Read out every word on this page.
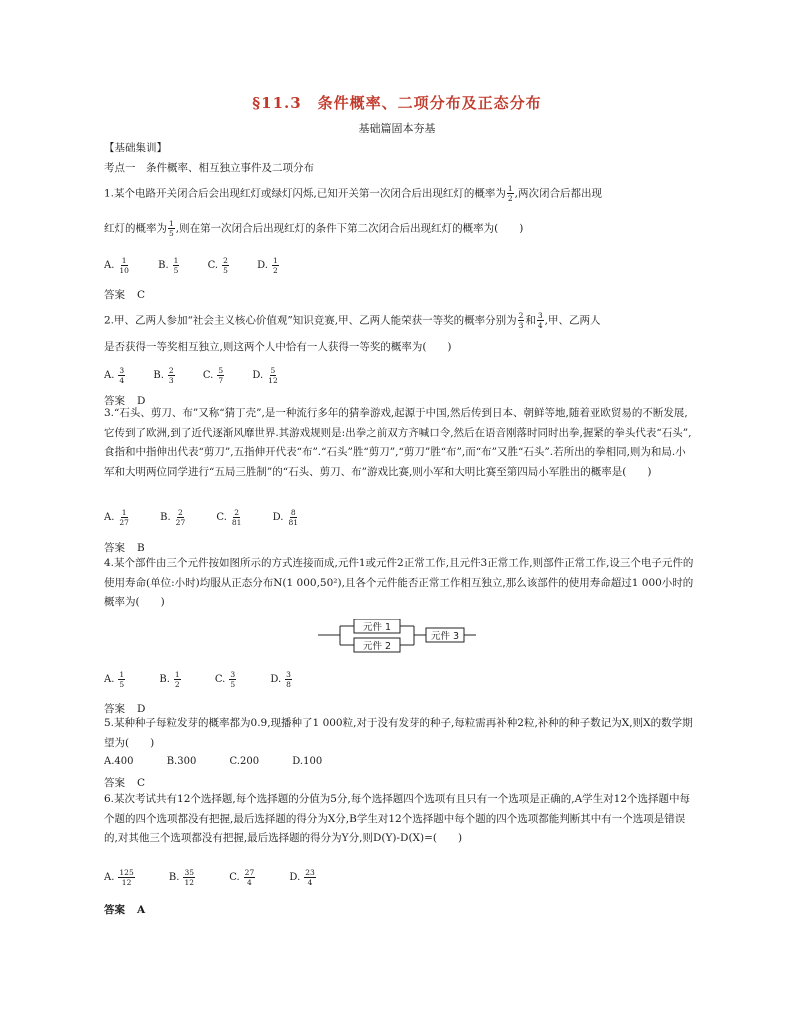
§11.3　条件概率、二项分布及正态分布
基础篇固本夯基
【基础集训】
考点一　条件概率、相互独立事件及二项分布
1.某个电路开关闭合后会出现红灯或绿灯闪烁,已知开关第一次闭合后出现红灯的概率为 $\frac{1}{2}$ ,两次闭合后都出现
红灯的概率为 $\frac{1}{5}$ ,则在第一次闭合后出现红灯的条件下第二次闭合后出现红灯的概率为(　　)
A. $\frac{1}{10}$	B. $\frac{1}{5}$	C. $\frac{2}{5}$	D. $\frac{1}{2}$
答案 C
2.甲、乙两人参加“社会主义核心价值观”知识竞赛,甲、乙两人能荣获一等奖的概率分别为 $\frac{2}{3}$ 和 $\frac{3}{4}$ ,甲、乙两人
是否获得一等奖相互独立,则这两个人中恰有一人获得一等奖的概率为(　　)
A. $\frac{3}{4}$	B. $\frac{2}{3}$	C. $\frac{5}{7}$	D. $\frac{5}{12}$
答案 D
3.“石头、剪刀、布”又称“猜丁壳”,是一种流行多年的猜拳游戏,起源于中国,然后传到日本、朝鲜等地,随着亚欧贸易的不断发展,它传到了欧洲,到了近代逐渐风靡世界.其游戏规则是:出拳之前双方齐喊口令,然后在语音刚落时同时出拳,握紧的拳头代表“石头”,食指和中指伸出代表“剪刀”,五指伸开代表“布”.“石头”胜“剪刀”,“剪刀”胜“布”,而“布”又胜“石头”.若所出的拳相同,则为和局.小军和大明两位同学进行“五局三胜制”的“石头、剪刀、布”游戏比赛,则小军和大明比赛至第四局小军胜出的概率是(　　)
A. $\frac{1}{27}$	B. $\frac{2}{27}$	C. $\frac{2}{81}$	D. $\frac{8}{81}$
答案 B
4.某个部件由三个元件按如图所示的方式连接而成,元件1或元件2正常工作,且元件3正常工作,则部件正常工作,设三个电子元件的使用寿命(单位:小时)均服从正态分布N(1 000,50²),且各个元件能否正常工作相互独立,那么该部件的使用寿命超过1 000小时的概率为(　　)
元件 1
元件 2
元件 3
A. $\frac{1}{5}$	B. $\frac{1}{2}$	C. $\frac{3}{5}$	D. $\frac{3}{8}$
答案 D
5.某种种子每粒发芽的概率都为0.9,现播种了1 000粒,对于没有发芽的种子,每粒需再补种2粒,补种的种子数记为X,则X的数学期望为(　　)
A.400	B.300	C.200	D.100
答案 C
6.某次考试共有12个选择题,每个选择题的分值为5分,每个选择题四个选项有且只有一个选项是正确的,A学生对12个选择题中每个题的四个选项都没有把握,最后选择题的得分为X分,B学生对12个选择题中每个题的四个选项都能判断其中有一个选项是错误的,对其他三个选项都没有把握,最后选择题的得分为Y分,则D(Y)-D(X)=(　　)
A. $\frac{125}{12}$	B. $\frac{35}{12}$	C. $\frac{27}{4}$	D. $\frac{23}{4}$
答案 A
